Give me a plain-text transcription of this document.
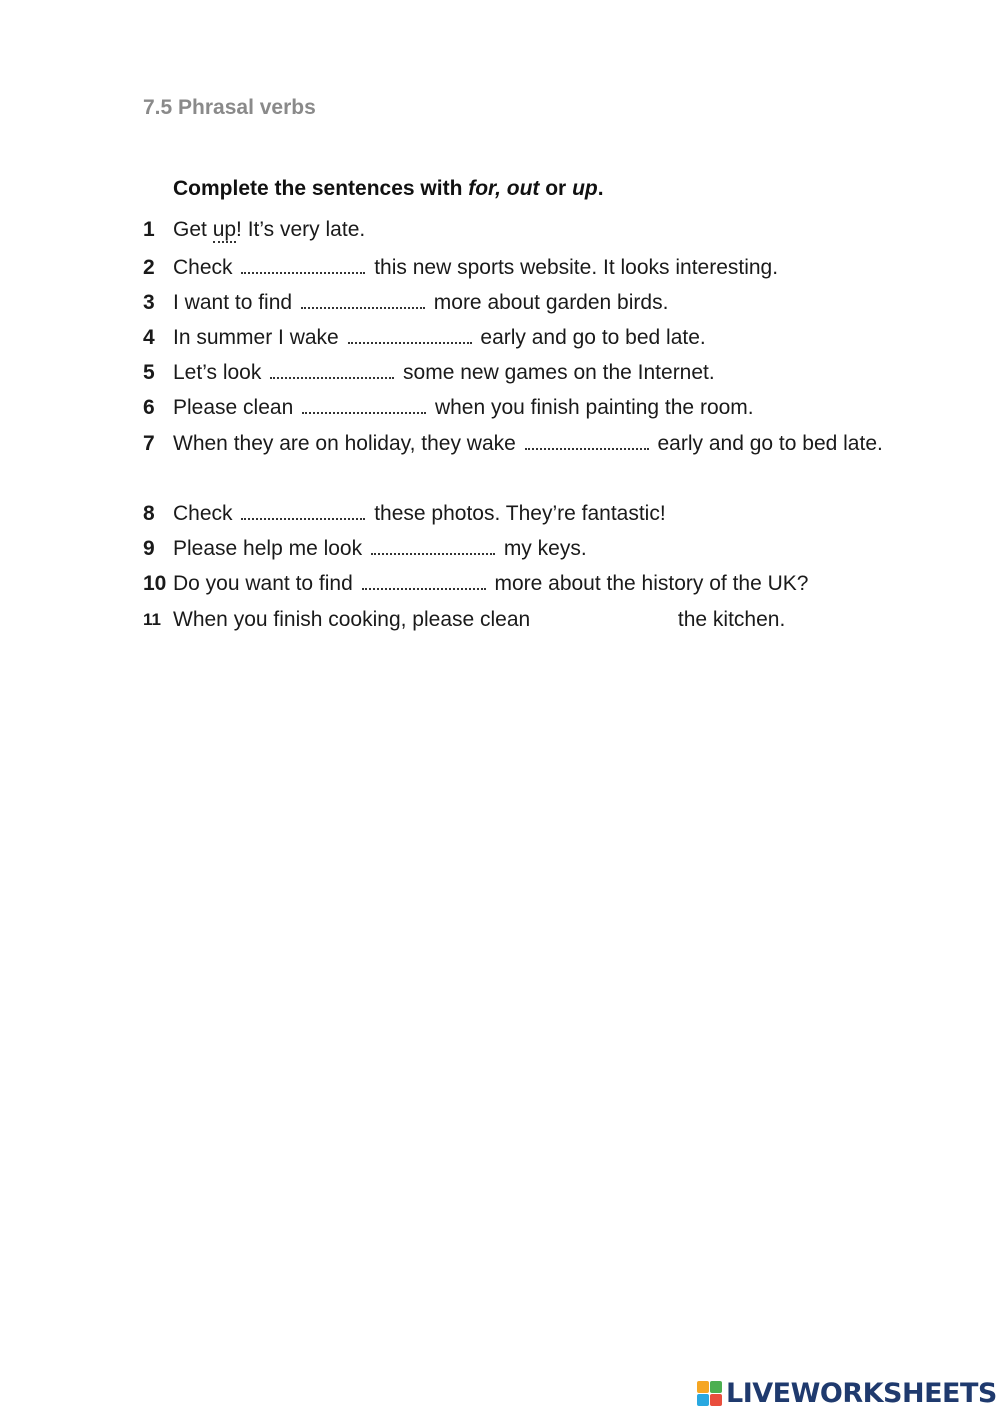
7.5 Phrasal verbs
Complete the sentences with for, out or up.
1 Get up! It’s very late.
2 Check	this new sports website. It looks interesting.
3 I want to find	more about garden birds.
4 In summer I wake	early and go to bed late.
5 Let’s look	some new games on the Internet.
6 Please clean	when you finish painting the room.
7 When they are on holiday, they wake	early and go to bed late.
8 Check	these photos. They’re fantastic!
9 Please help me look	my keys.
10 Do you want to find	more about the history of the UK?
11 When you finish cooking, please clean	the kitchen.
LIVEWORKSHEETS
